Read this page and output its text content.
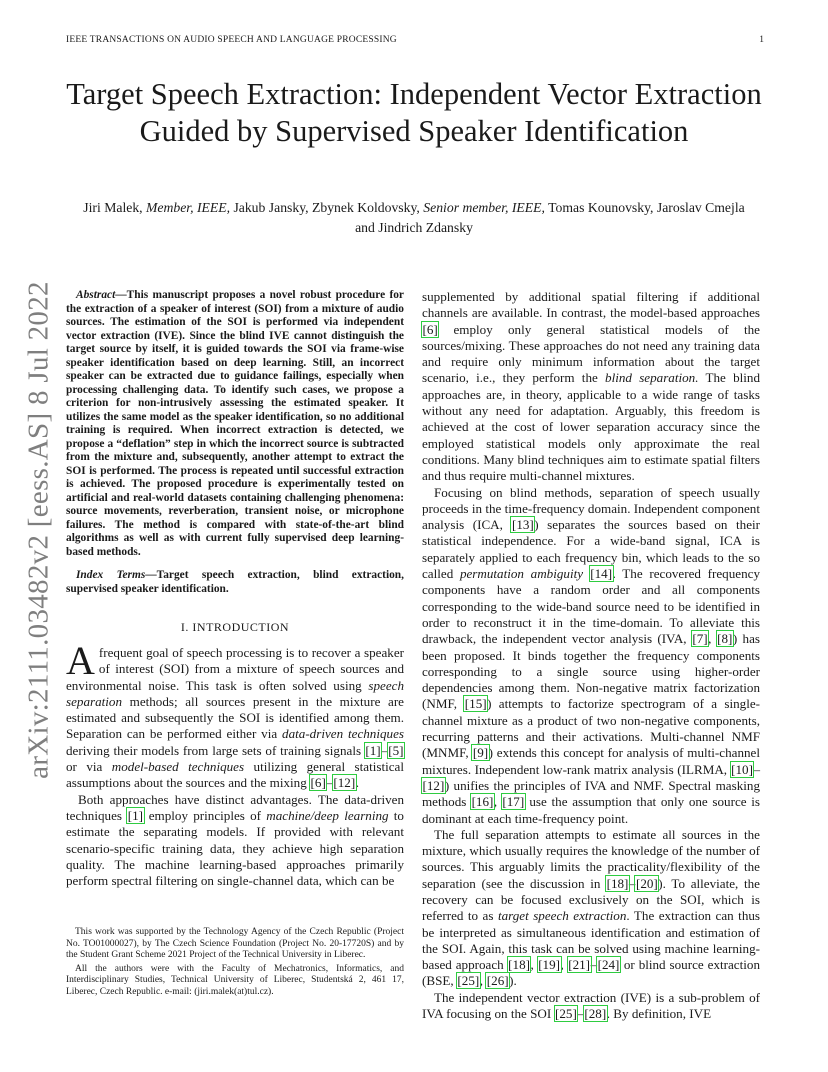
IEEE TRANSACTIONS ON AUDIO SPEECH AND LANGUAGE PROCESSING	1
arXiv:2111.03482v2 [eess.AS] 8 Jul 2022
Target Speech Extraction: Independent Vector Extraction Guided by Supervised Speaker Identification
Jiri Malek, Member, IEEE, Jakub Jansky, Zbynek Koldovsky, Senior member, IEEE, Tomas Kounovsky, Jaroslav Cmejla and Jindrich Zdansky

Abstract—This manuscript proposes a novel robust procedure for the extraction of a speaker of interest (SOI) from a mixture of audio sources. The estimation of the SOI is performed via independent vector extraction (IVE). Since the blind IVE cannot distinguish the target source by itself, it is guided towards the SOI via frame-wise speaker identification based on deep learning. Still, an incorrect speaker can be extracted due to guidance failings, especially when processing challenging data. To identify such cases, we propose a criterion for non-intrusively assessing the estimated speaker. It utilizes the same model as the speaker identification, so no additional training is required. When incorrect extraction is detected, we propose a “deflation” step in which the incorrect source is subtracted from the mixture and, subsequently, another attempt to extract the SOI is performed. The process is repeated until successful extraction is achieved. The proposed procedure is experimentally tested on artificial and real-world datasets containing challenging phenomena: source movements, reverberation, transient noise, or microphone failures. The method is compared with state-of-the-art blind algorithms as well as with current fully supervised deep learning-based methods.

Index Terms—Target speech extraction, blind extraction, supervised speaker identification.

I. INTRODUCTION

A frequent goal of speech processing is to recover a speaker of interest (SOI) from a mixture of speech sources and environmental noise. This task is often solved using speech separation methods; all sources present in the mixture are estimated and subsequently the SOI is identified among them. Separation can be performed either via data-driven techniques deriving their models from large sets of training signals [1]–[5] or via model-based techniques utilizing general statistical assumptions about the sources and the mixing [6]–[12].

Both approaches have distinct advantages. The data-driven techniques [1] employ principles of machine/deep learning to estimate the separating models. If provided with relevant scenario-specific training data, they achieve high separation quality. The machine learning-based approaches primarily perform spectral filtering on single-channel data, which can be

This work was supported by the Technology Agency of the Czech Republic (Project No. TO01000027), by The Czech Science Foundation (Project No. 20-17720S) and by the Student Grant Scheme 2021 Project of the Technical University in Liberec.

All the authors were with the Faculty of Mechatronics, Informatics, and Interdisciplinary Studies, Technical University of Liberec, Studentská 2, 461 17, Liberec, Czech Republic. e-mail: (jiri.malek(at)tul.cz).

supplemented by additional spatial filtering if additional channels are available. In contrast, the model-based approaches [6] employ only general statistical models of the sources/mixing. These approaches do not need any training data and require only minimum information about the target scenario, i.e., they perform the blind separation. The blind approaches are, in theory, applicable to a wide range of tasks without any need for adaptation. Arguably, this freedom is achieved at the cost of lower separation accuracy since the employed statistical models only approximate the real conditions. Many blind techniques aim to estimate spatial filters and thus require multi-channel mixtures.

Focusing on blind methods, separation of speech usually proceeds in the time-frequency domain. Independent component analysis (ICA, [13]) separates the sources based on their statistical independence. For a wide-band signal, ICA is separately applied to each frequency bin, which leads to the so called permutation ambiguity [14]. The recovered frequency components have a random order and all components corresponding to the wide-band source need to be identified in order to reconstruct it in the time-domain. To alleviate this drawback, the independent vector analysis (IVA, [7], [8]) has been proposed. It binds together the frequency components corresponding to a single source using higher-order dependencies among them. Non-negative matrix factorization (NMF, [15]) attempts to factorize spectrogram of a single-channel mixture as a product of two non-negative components, recurring patterns and their activations. Multi-channel NMF (MNMF, [9]) extends this concept for analysis of multi-channel mixtures. Independent low-rank matrix analysis (ILRMA, [10]–[12]) unifies the principles of IVA and NMF. Spectral masking methods [16], [17] use the assumption that only one source is dominant at each time-frequency point.

The full separation attempts to estimate all sources in the mixture, which usually requires the knowledge of the number of sources. This arguably limits the practicality/flexibility of the separation (see the discussion in [18]–[20]). To alleviate, the recovery can be focused exclusively on the SOI, which is referred to as target speech extraction. The extraction can thus be interpreted as simultaneous identification and estimation of the SOI. Again, this task can be solved using machine learning-based approach [18], [19], [21]–[24] or blind source extraction (BSE, [25], [26]).

The independent vector extraction (IVE) is a sub-problem of IVA focusing on the SOI [25]–[28]. By definition, IVE
